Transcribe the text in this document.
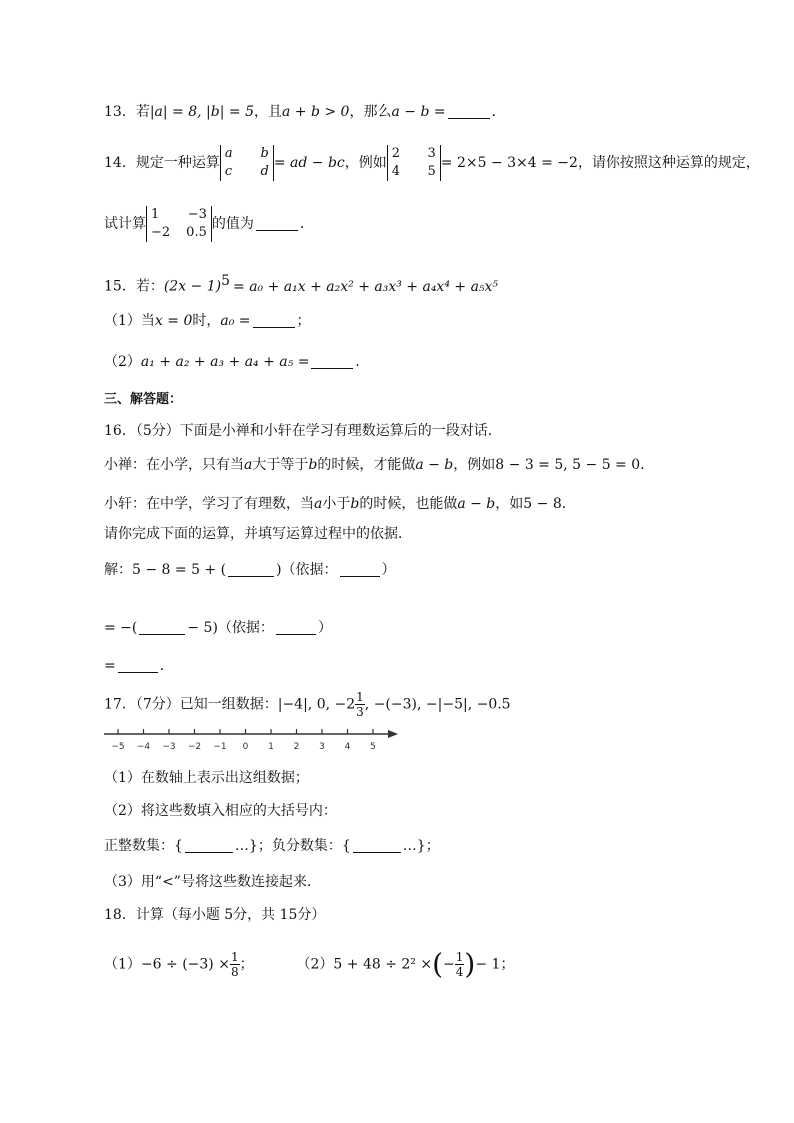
13．若|a| = 8, |b| = 5，且a + b > 0，那么a − b =	．
14．规定一种运算
a	b
c	d
= ad − bc，例如
2	3
4	5
= 2×5 − 3×4 = −2，请你按照这种运算的规定，
试计算
1	−3
−2 0.5
的值为	．
15．若：$(2x - 1)^5 = a_0 + a_1x + a_2x^2 + a_3x^3 + a_4x^4 + a_5x^5$
（1）当x = 0时，a₀ =	；
（2）a₁ + a₂ + a₃ + a₄ + a₅ =	．
三、解答题：
16．（5分）下面是小禅和小轩在学习有理数运算后的一段对话．
小禅：在小学，只有当a大于等于b的时候，才能做a − b，例如8 − 3 = 5, 5 − 5 = 0．
小轩：在中学，学习了有理数，当a小于b的时候，也能做a − b，如5 − 8．
请你完成下面的运算，并填写运算过程中的依据．
解：5 − 8 = 5 + (	)（依据：	）
= −(	− 5)（依据：	）
=	．
17．（7分）已知一组数据：|−4|, 0, $-2 \frac{1}{3}$ , −(−3), −|−5|, −0.5
−5 −4 −3 −2 −1 0 1 2 3 4 5
（1）在数轴上表示出这组数据；
（2）将这些数填入相应的大括号内：
正整数集：{	…}；负分数集：{	…}；
（3）用“<”号将这些数连接起来．
18．计算（每小题 5分，共 15分）
$(1)-6 \div (-3) \times \frac{1}{8}$ ；	（2）5 + 48 ÷ 2² ×(− $\frac{1}{4}$ )− 1；
